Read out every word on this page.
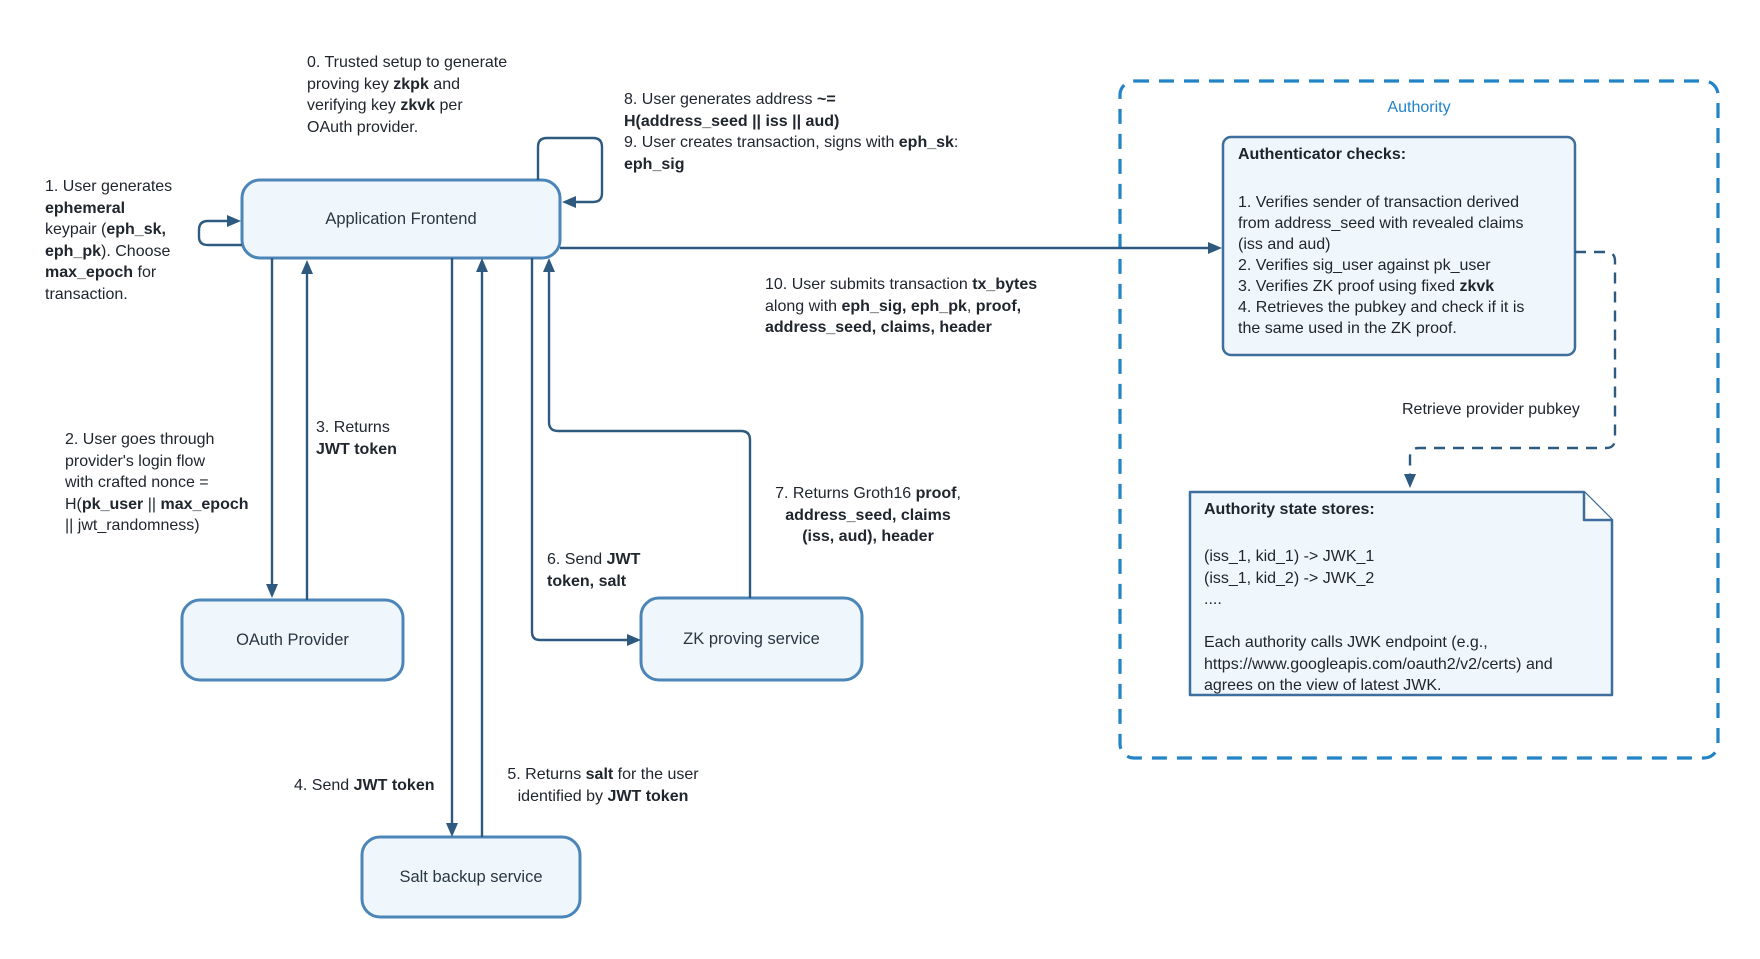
Application Frontend
OAuth Provider	ZK proving service
Salt backup service
Authority
Authenticator checks:
1. Verifies sender of transaction derived
from address_seed with revealed claims
(iss and aud)
2. Verifies sig_user against pk_user
3. Verifies ZK proof using fixed zkvk
4. Retrieves the pubkey and check if it is
the same used in the ZK proof.
Authority state stores:
(iss_1, kid_1) -> JWK_1
(iss_1, kid_2) -> JWK_2
....

Each authority calls JWK endpoint (e.g.,
https://www.googleapis.com/oauth2/v2/certs) and
agrees on the view of latest JWK.
0. Trusted setup to generate
proving key zkpk and
verifying key zkvk per
OAuth provider.
1. User generates
ephemeral
keypair (eph_sk,
eph_pk). Choose
max_epoch for
transaction.
2. User goes through
provider's login flow
with crafted nonce =
H(pk_user || max_epoch
|| jwt_randomness)
3. Returns
JWT token
4. Send JWT token
5. Returns salt for the user
identified by JWT token
6. Send JWT
token, salt
7. Returns Groth16 proof,
address_seed, claims
(iss, aud), header
8. User generates address ~=
H(address_seed || iss || aud)
9. User creates transaction, signs with eph_sk:
eph_sig
10. User submits transaction tx_bytes
along with eph_sig, eph_pk, proof,
address_seed, claims, header
Retrieve provider pubkey
